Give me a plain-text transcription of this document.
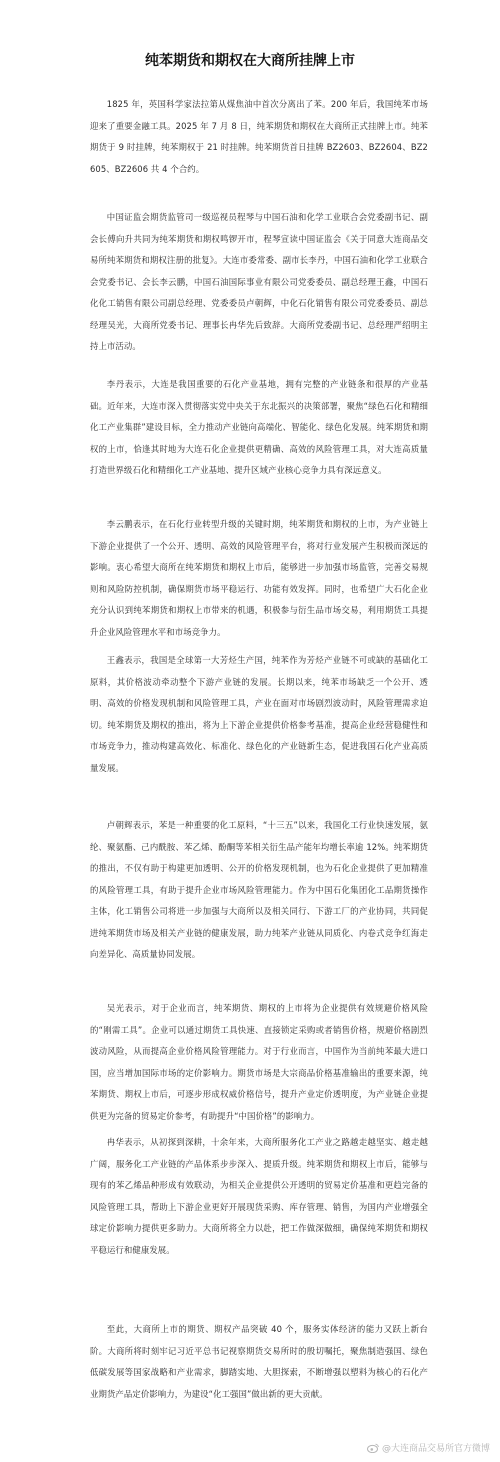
纯苯期货和期权在大商所挂牌上市

1825 年，英国科学家法拉第从煤焦油中首次分离出了苯。200 年后，我国纯苯市场迎来了重要金融工具。2025 年 7 月 8 日，纯苯期货和期权在大商所正式挂牌上市。纯苯期货于 9 时挂牌，纯苯期权于 21 时挂牌。纯苯期货首日挂牌 BZ2603、BZ2604、BZ2605、BZ2606 共 4 个合约。

中国证监会期货监管司一级巡视员程琴与中国石油和化学工业联合会党委副书记、副会长傅向升共同为纯苯期货和期权鸣锣开市，程琴宣读中国证监会《关于同意大连商品交易所纯苯期货和期权注册的批复》。大连市委常委、副市长李丹，中国石油和化学工业联合会党委书记、会长李云鹏，中国石油国际事业有限公司党委委员、副总经理王鑫，中国石化化工销售有限公司副总经理、党委委员卢朝辉，中化石化销售有限公司党委委员、副总经理吴光，大商所党委书记、理事长冉华先后致辞。大商所党委副书记、总经理严绍明主持上市活动。

李丹表示，大连是我国重要的石化产业基地，拥有完整的产业链条和很厚的产业基础。近年来，大连市深入贯彻落实党中央关于东北振兴的决策部署，聚焦“绿色石化和精细化工产业集群”建设目标，全力推动产业链向高端化、智能化、绿色化发展。纯苯期货和期权的上市，恰逢其时地为大连石化企业提供更精确、高效的风险管理工具，对大连高质量打造世界级石化和精细化工产业基地、提升区域产业核心竞争力具有深远意义。

李云鹏表示，在石化行业转型升级的关键时期，纯苯期货和期权的上市，为产业链上下游企业提供了一个公开、透明、高效的风险管理平台，将对行业发展产生积极而深远的影响。衷心希望大商所在纯苯期货和期权上市后，能够进一步加强市场监管，完善交易规则和风险防控机制，确保期货市场平稳运行、功能有效发挥。同时，也希望广大石化企业充分认识到纯苯期货和期权上市带来的机遇，积极参与衍生品市场交易，利用期货工具提升企业风险管理水平和市场竞争力。

王鑫表示，我国是全球第一大芳烃生产国，纯苯作为芳烃产业链不可或缺的基础化工原料，其价格波动牵动整个下游产业链的发展。长期以来，纯苯市场缺乏一个公开、透明、高效的价格发现机制和风险管理工具，产业在面对市场剧烈波动时，风险管理需求迫切。纯苯期货及期权的推出，将为上下游企业提供价格参考基准，提高企业经营稳健性和市场竞争力，推动构建高效化、标准化、绿色化的产业链新生态，促进我国石化产业高质量发展。

卢朝辉表示，苯是一种重要的化工原料，“十三五”以来，我国化工行业快速发展，氨纶、聚氨酯、己内酰胺、苯乙烯、酚酮等苯相关衍生品产能年均增长率逾 12%。纯苯期货的推出，不仅有助于构建更加透明、公开的价格发现机制，也为石化企业提供了更加精准的风险管理工具，有助于提升企业市场风险管理能力。作为中国石化集团化工品期货操作主体，化工销售公司将进一步加强与大商所以及相关同行、下游工厂的产业协同，共同促进纯苯期货市场及相关产业链的健康发展，助力纯苯产业链从同质化、内卷式竞争红海走向差异化、高质量协同发展。

吴光表示，对于企业而言，纯苯期货、期权的上市将为企业提供有效规避价格风险的“刚需工具”。企业可以通过期货工具快速、直接锁定采购或者销售价格，规避价格剧烈波动风险，从而提高企业价格风险管理能力。对于行业而言，中国作为当前纯苯最大进口国，应当增加国际市场的定价影响力。期货市场是大宗商品价格基准输出的重要来源，纯苯期货、期权上市后，可逐步形成权威价格信号，提升产业定价透明度，为产业链企业提供更为完备的贸易定价参考，有助提升“中国价格”的影响力。

冉华表示，从初探到深耕，十余年来，大商所服务化工产业之路越走越坚实、越走越广阔，服务化工产业链的产品体系步步深入、提质升级。纯苯期货和期权上市后，能够与现有的苯乙烯品种形成有效联动，为相关企业提供公开透明的贸易定价基准和更趋完备的风险管理工具，帮助上下游企业更好开展现货采购、库存管理、销售，为国内产业增强全球定价影响力提供更多助力。大商所将全力以赴，把工作做深做细，确保纯苯期货和期权平稳运行和健康发展。

至此，大商所上市的期货、期权产品突破 40 个，服务实体经济的能力又跃上新台阶。大商所将时刻牢记习近平总书记视察期货交易所时的殷切嘱托，聚焦制造强国、绿色低碳发展等国家战略和产业需求，脚踏实地、大胆探索，不断增强以塑料为核心的石化产业期货产品定价影响力，为建设“化工强国”做出新的更大贡献。

@大连商品交易所官方微博
